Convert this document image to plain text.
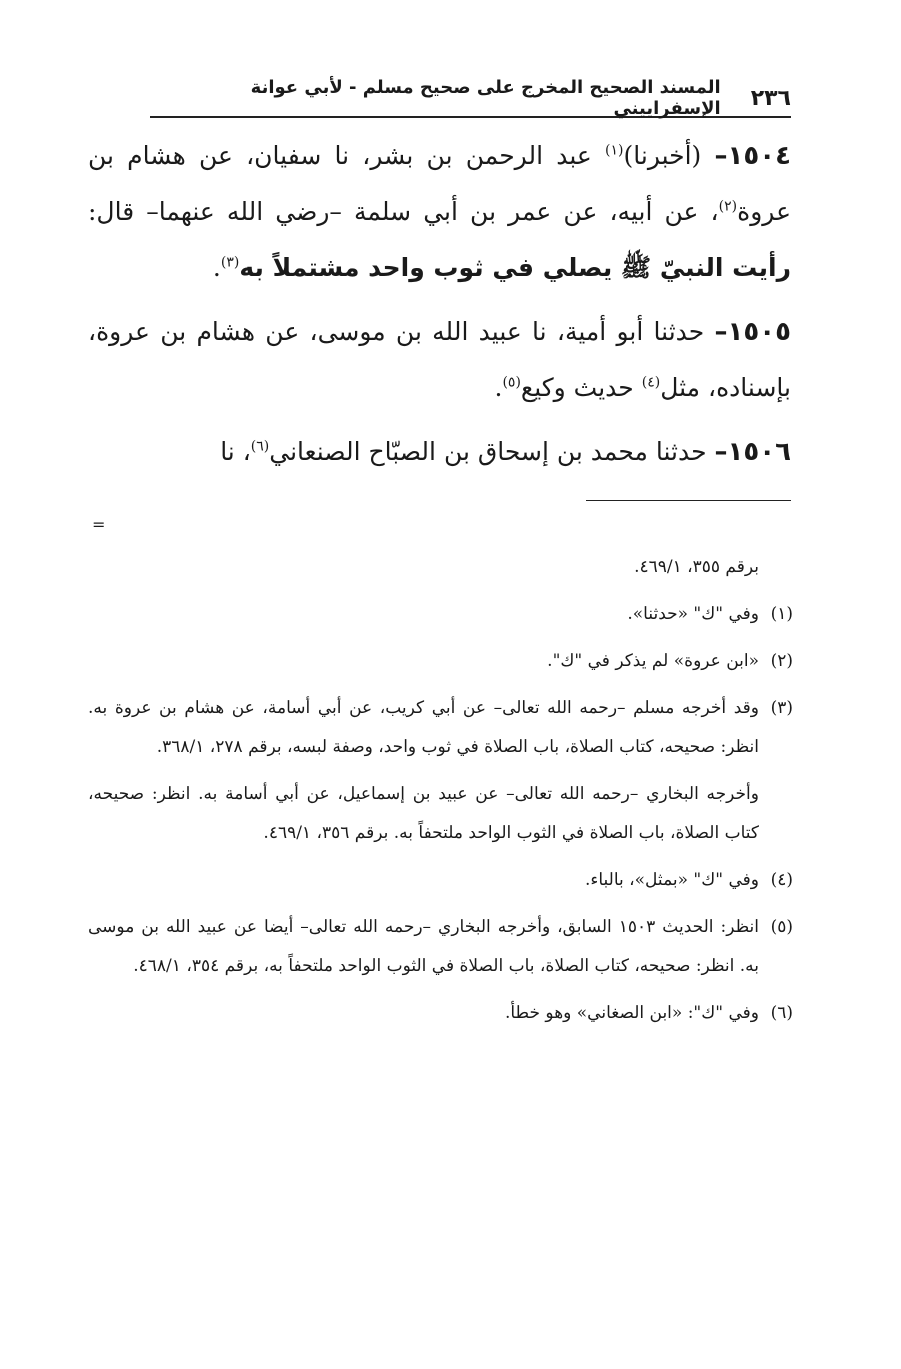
٢٣٦
المسند الصحيح المخرج على صحيح مسلم - لأبي عوانة الإسفراييني

١٥٠٤– (أخبرنا)$^{(١)}$ عبد الرحمن بن بشر، نا سفيان، عن هشام بن عروة$^{(٢)}$، عن أبيه، عن عمر بن أبي سلمة –رضي الله عنهما– قال: رأيت النبيّ ﷺ يصلي في ثوب واحد مشتملاً به$^{(٣)}$.

١٥٠٥– حدثنا أبو أمية، نا عبيد الله بن موسى، عن هشام بن عروة، بإسناده، مثل$^{(٤)}$ حديث وكيع$^{(٥)}$.

١٥٠٦– حدثنا محمد بن إسحاق بن الصبّاح الصنعاني$^{(٦)}$، نا

=
برقم ٣٥٥، ٤٦٩/١.
(١)
وفي "ك" «حدثنا».
(٢)
«ابن عروة» لم يذكر في "ك".
(٣)

وقد أخرجه مسلم –رحمه الله تعالى– عن أبي كريب، عن أبي أسامة، عن هشام بن عروة به. انظر: صحيحه، كتاب الصلاة، باب الصلاة في ثوب واحد، وصفة لبسه، برقم ٢٧٨، ٣٦٨/١.

وأخرجه البخاري –رحمه الله تعالى– عن عبيد بن إسماعيل، عن أبي أسامة به. انظر: صحيحه، كتاب الصلاة، باب الصلاة في الثوب الواحد ملتحفاً به. برقم ٣٥٦، ٤٦٩/١.

(٤)
وفي "ك" «بمثل»، بالباء.
(٥)
انظر: الحديث ١٥٠٣ السابق، وأخرجه البخاري –رحمه الله تعالى– أيضا عن عبيد الله بن موسى به. انظر: صحيحه، كتاب الصلاة، باب الصلاة في الثوب الواحد ملتحفاً به، برقم ٣٥٤، ٤٦٨/١.
(٦)
وفي "ك": «ابن الصغاني» وهو خطأ.
